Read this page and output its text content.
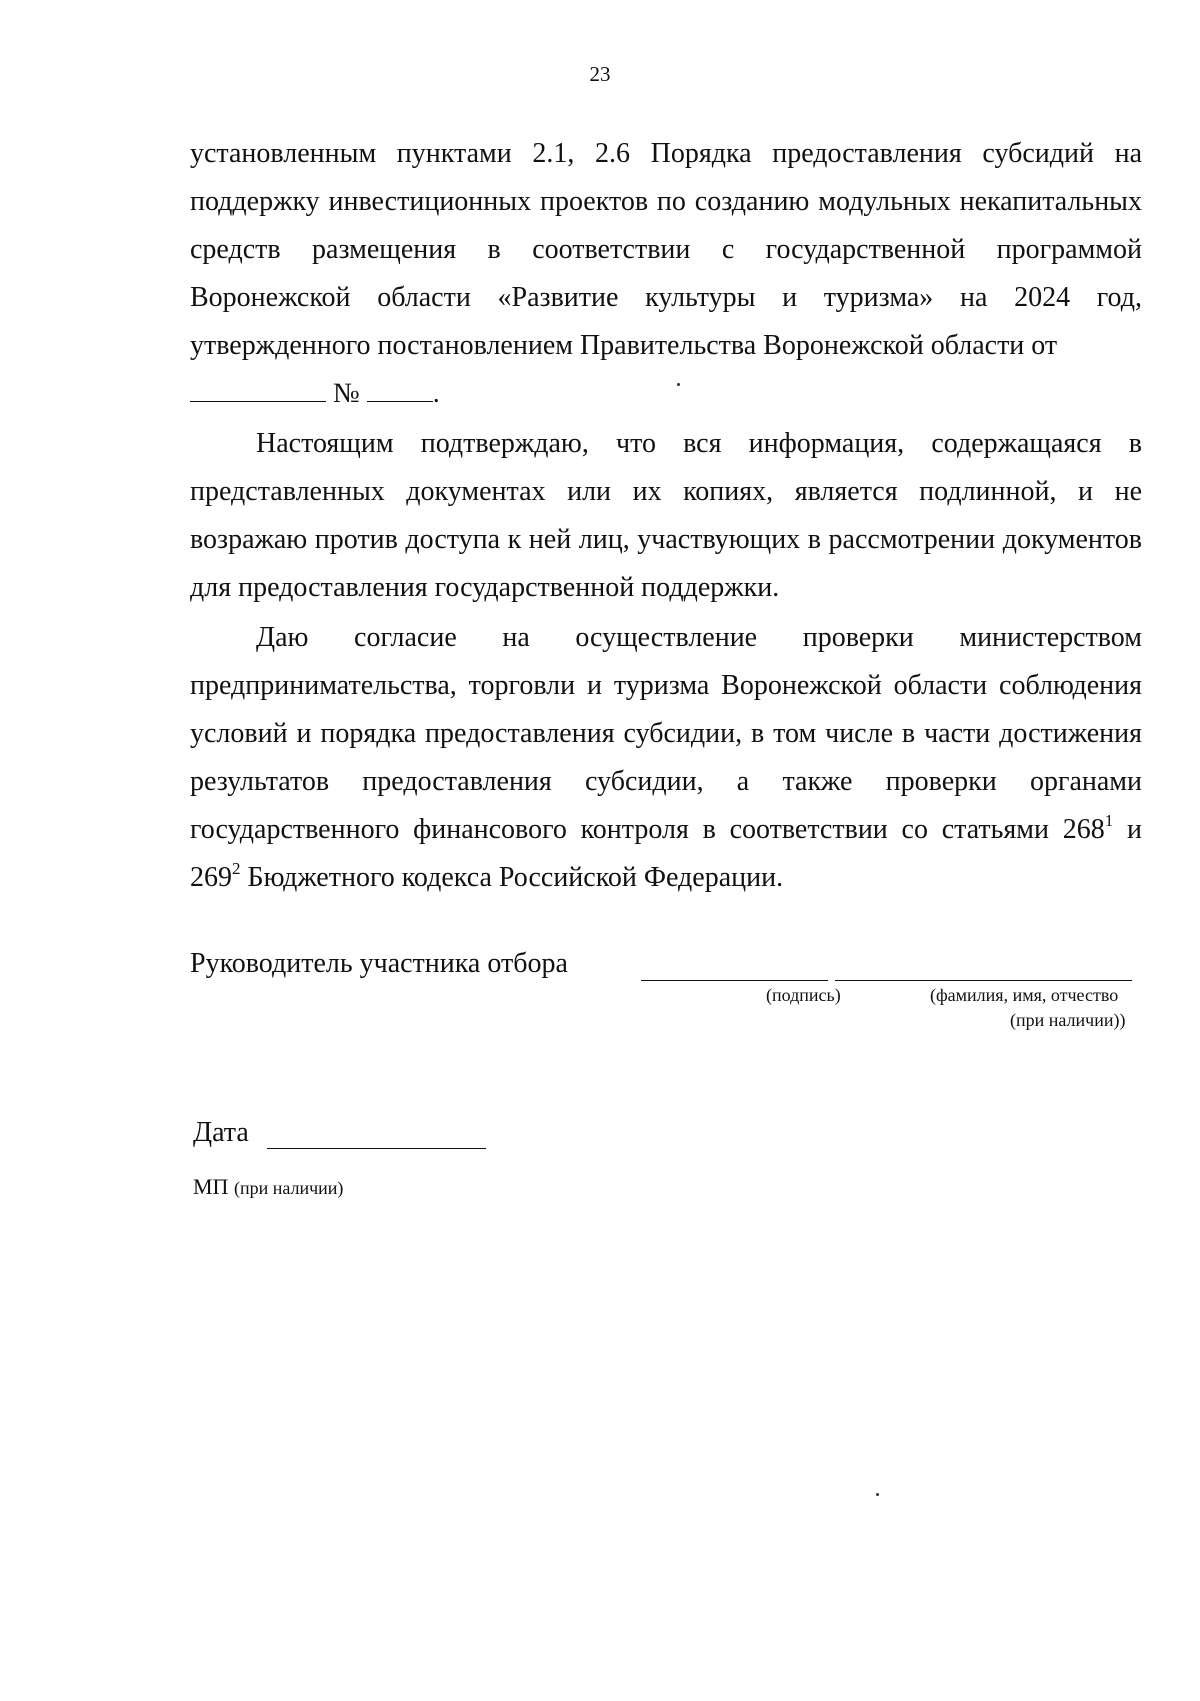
23
установленным пунктами 2.1, 2.6 Порядка предоставления субсидий на поддержку инвестиционных проектов по созданию модульных некапитальных средств размещения в соответствии с государственной программой Воронежской области «Развитие культуры и туризма» на 2024 год, утвержденного постановлением Правительства Воронежской области от
№	.
Настоящим подтверждаю, что вся информация, содержащаяся в представленных документах или их копиях, является подлинной, и не возражаю против доступа к ней лиц, участвующих в рассмотрении документов для предоставления государственной поддержки.
Даю согласие на осуществление проверки министерством предпринимательства, торговли и туризма Воронежской области соблюдения условий и порядка предоставления субсидии, в том числе в части достижения результатов предоставления субсидии, а также проверки органами государственного финансового контроля в соответствии со статьями $268^1$ и $269^2$ Бюджетного кодекса Российской Федерации.
Руководитель участника отбора
(подпись)	(фамилия, имя, отчество
(при наличии))
Дата
МП (при наличии)
